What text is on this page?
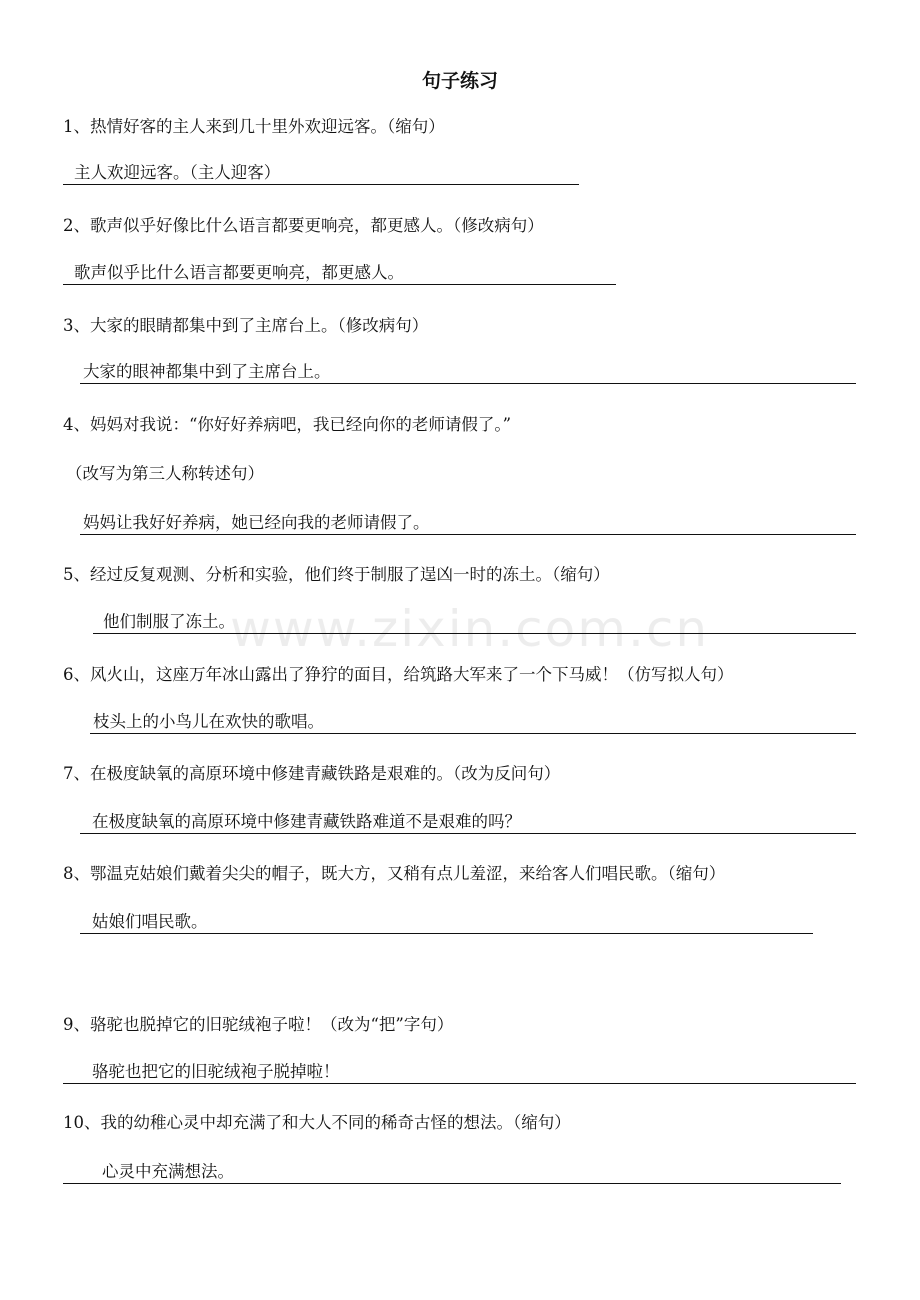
www.zixin.com.cn
句子练习
1、热情好客的主人来到几十里外欢迎远客。（缩句）
主人欢迎远客。（主人迎客）
2、歌声似乎好像比什么语言都要更响亮，都更感人。（修改病句）
歌声似乎比什么语言都要更响亮，都更感人。
3、大家的眼睛都集中到了主席台上。（修改病句）
大家的眼神都集中到了主席台上。
4、妈妈对我说：“你好好养病吧，我已经向你的老师请假了。”
（改写为第三人称转述句）
妈妈让我好好养病，她已经向我的老师请假了。
5、经过反复观测、分析和实验，他们终于制服了逞凶一时的冻土。（缩句）
他们制服了冻土。
6、风火山，这座万年冰山露出了狰狞的面目，给筑路大军来了一个下马威！（仿写拟人句）
枝头上的小鸟儿在欢快的歌唱。
7、在极度缺氧的高原环境中修建青藏铁路是艰难的。（改为反问句）
在极度缺氧的高原环境中修建青藏铁路难道不是艰难的吗？
8、鄂温克姑娘们戴着尖尖的帽子，既大方，又稍有点儿羞涩，来给客人们唱民歌。（缩句）
姑娘们唱民歌。
9、骆驼也脱掉它的旧驼绒袍子啦！（改为“把”字句）
骆驼也把它的旧驼绒袍子脱掉啦！
10、我的幼稚心灵中却充满了和大人不同的稀奇古怪的想法。（缩句）
心灵中充满想法。
